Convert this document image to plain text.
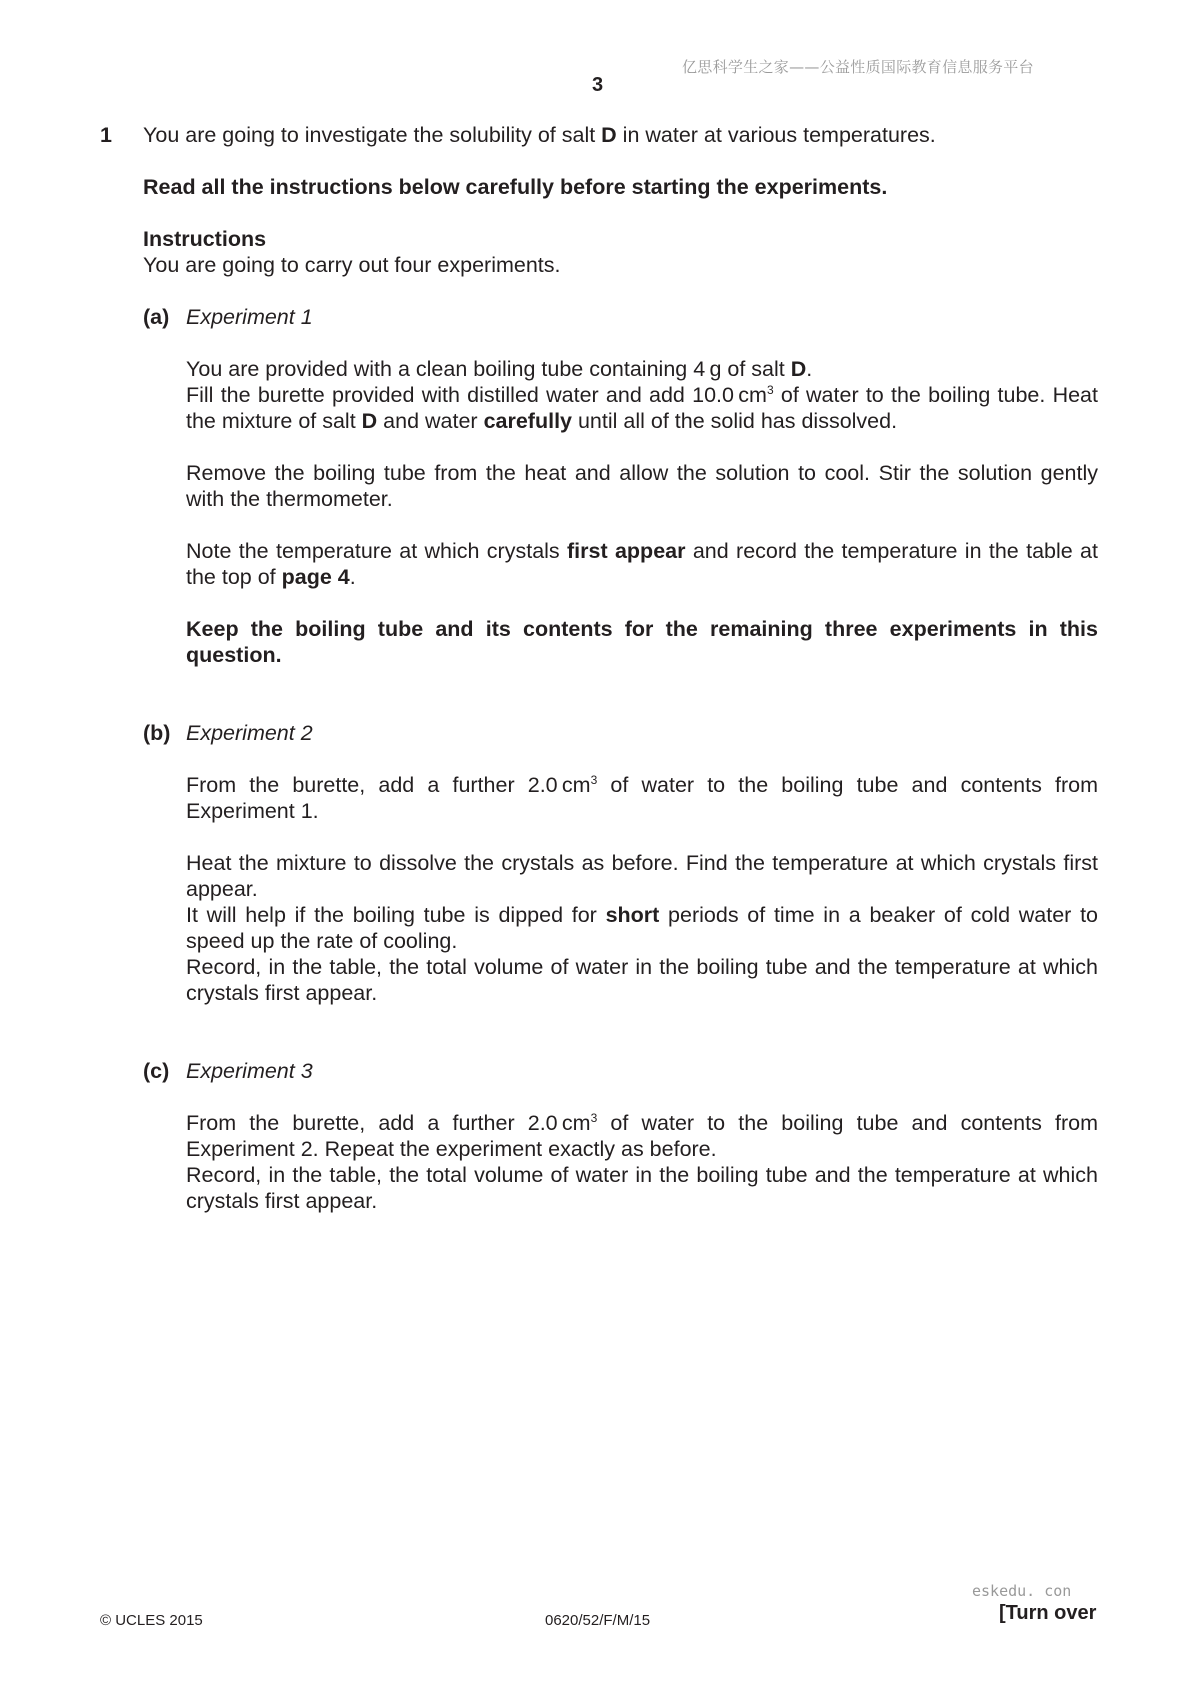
亿思科学生之家——公益性质国际教育信息服务平台
3
1 You are going to investigate the solubility of salt D in water at various temperatures.
Read all the instructions below carefully before starting the experiments.
Instructions
You are going to carry out four experiments.
(a) Experiment 1

You are provided with a clean boiling tube containing 4 g of salt D.

Fill the burette provided with distilled water and add 10.0 $cm^3$ of water to the boiling tube. Heat the mixture of salt D and water carefully until all of the solid has dissolved.

Remove the boiling tube from the heat and allow the solution to cool. Stir the solution gently with the thermometer.
Note the temperature at which crystals first appear and record the temperature in the table at the top of page 4.
Keep the boiling tube and its contents for the remaining three experiments in this question.
(b) Experiment 2
From the burette, add a further 2.0 $cm^3$ of water to the boiling tube and contents from Experiment 1.

Heat the mixture to dissolve the crystals as before. Find the temperature at which crystals first appear.

It will help if the boiling tube is dipped for short periods of time in a beaker of cold water to speed up the rate of cooling.

Record, in the table, the total volume of water in the boiling tube and the temperature at which crystals first appear.

(c) Experiment 3

From the burette, add a further 2.0 $cm^3$ of water to the boiling tube and contents from Experiment 2. Repeat the experiment exactly as before.

Record, in the table, the total volume of water in the boiling tube and the temperature at which crystals first appear.

eskedu. con
© UCLES 2015	0620/52/F/M/15	[Turn over
